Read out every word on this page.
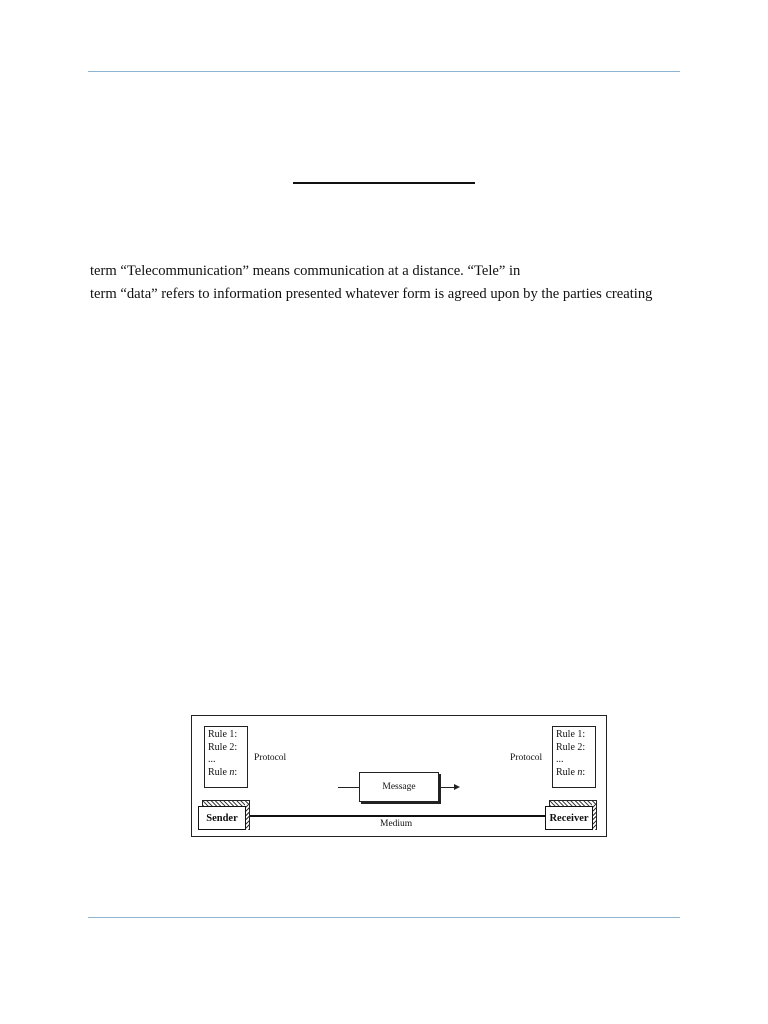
term “Telecommunication” means communication at a distance. “Tele” in
term “data” refers to information presented whatever form is agreed upon by the parties creating
Rule 1:
Rule 2:
...
Rule n:
Protocol
Rule 1:
Rule 2:
...
Rule n:
Protocol
Message
Medium
Sender	Receiver
